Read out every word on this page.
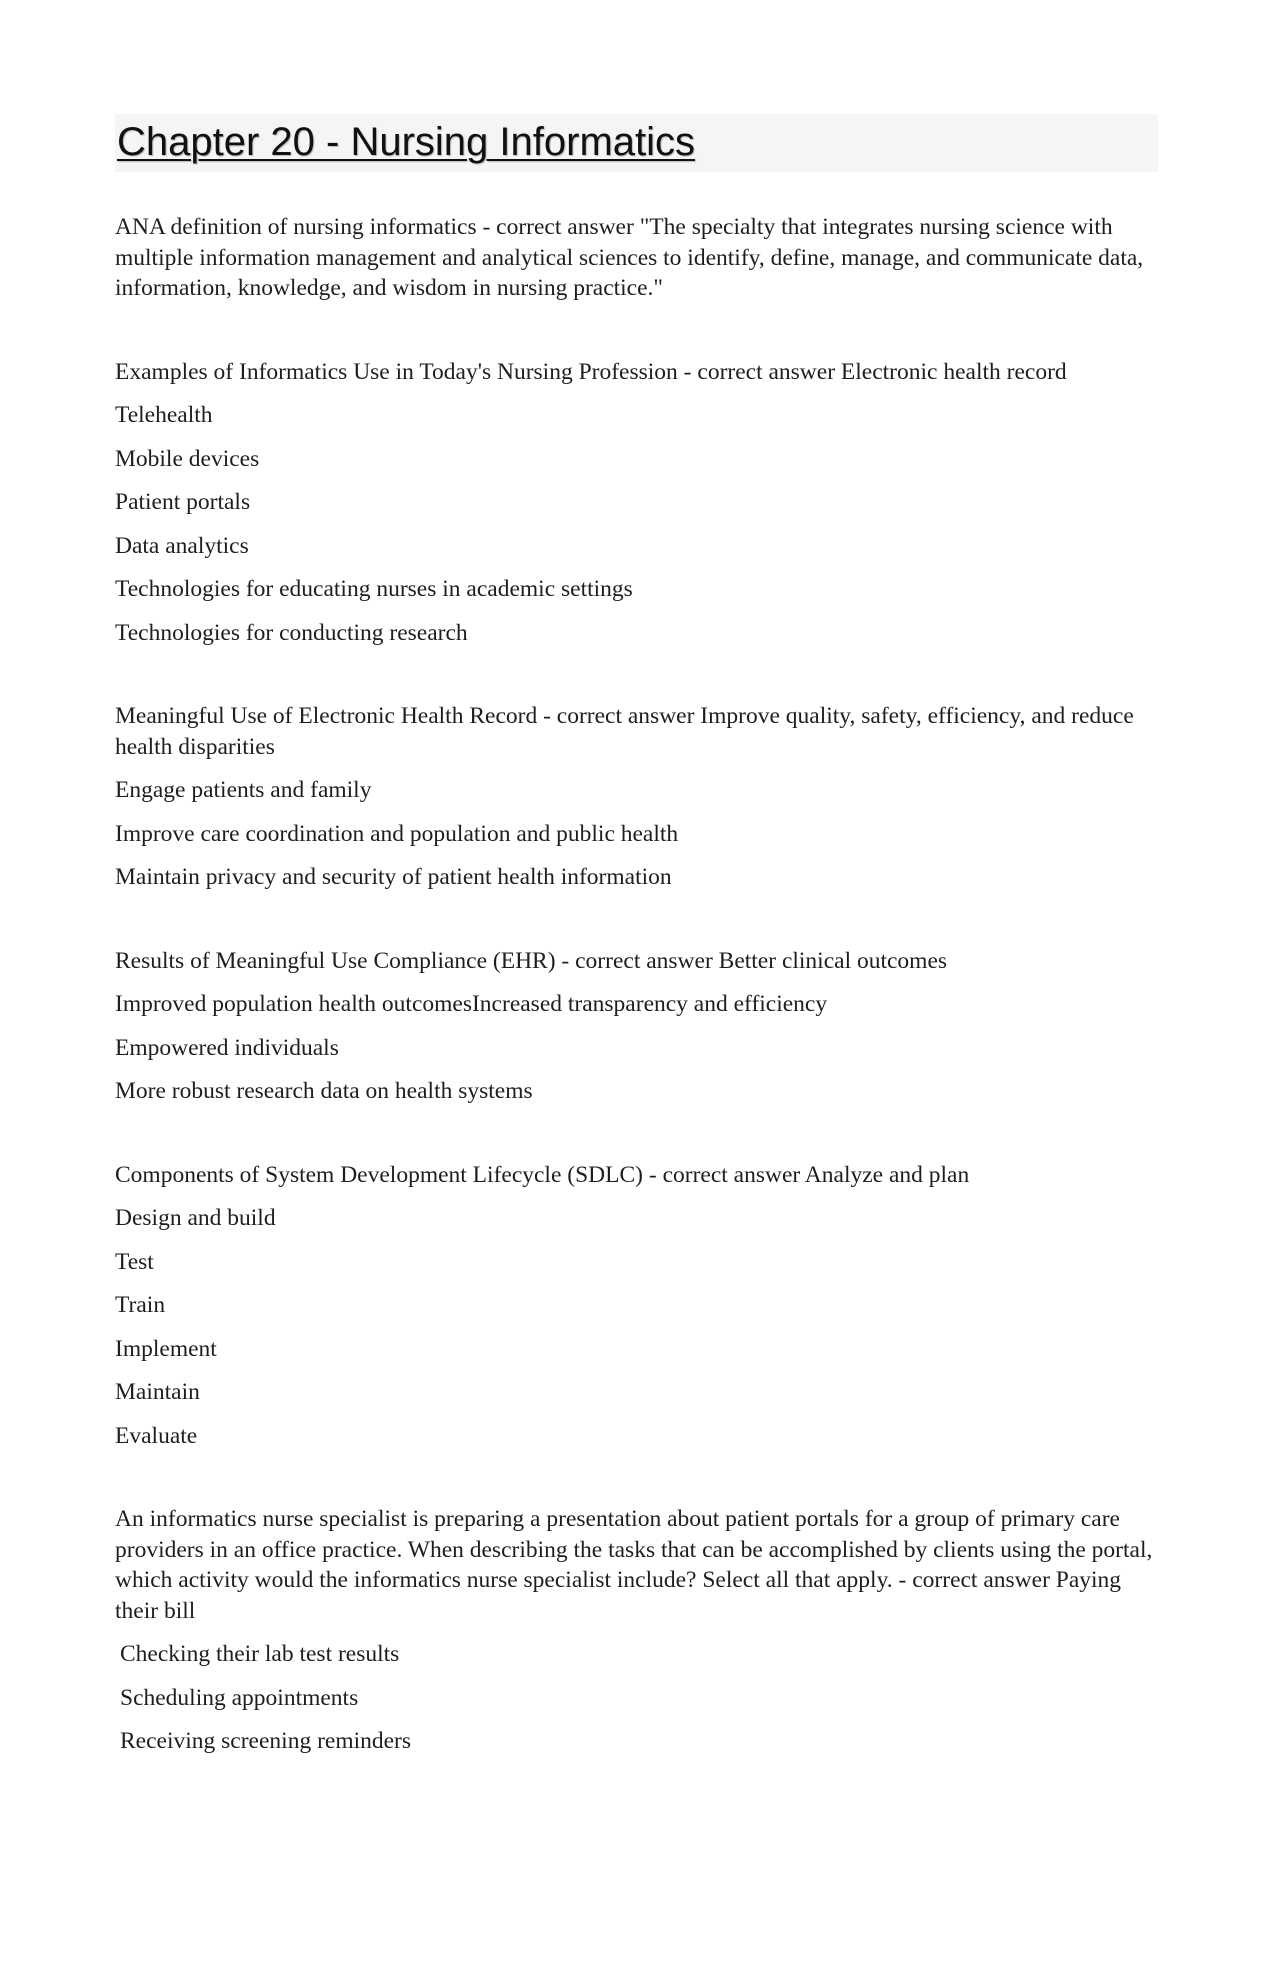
Chapter 20 - Nursing Informatics

ANA definition of nursing informatics - correct answer "The specialty that integrates nursing science with multiple information management and analytical sciences to identify, define, manage, and communicate data, information, knowledge, and wisdom in nursing practice."

Examples of Informatics Use in Today's Nursing Profession - correct answer Electronic health record

Telehealth

Mobile devices

Patient portals

Data analytics

Technologies for educating nurses in academic settings

Technologies for conducting research

Meaningful Use of Electronic Health Record - correct answer Improve quality, safety, efficiency, and reduce health disparities

Engage patients and family

Improve care coordination and population and public health

Maintain privacy and security of patient health information

Results of Meaningful Use Compliance (EHR) - correct answer Better clinical outcomes

Improved population health outcomesIncreased transparency and efficiency

Empowered individuals

More robust research data on health systems

Components of System Development Lifecycle (SDLC) - correct answer Analyze and plan

Design and build

Test

Train

Implement

Maintain

Evaluate

An informatics nurse specialist is preparing a presentation about patient portals for a group of primary care providers in an office practice. When describing the tasks that can be accomplished by clients using the portal, which activity would the informatics nurse specialist include? Select all that apply. - correct answer Paying their bill

Checking their lab test results

Scheduling appointments

Receiving screening reminders
